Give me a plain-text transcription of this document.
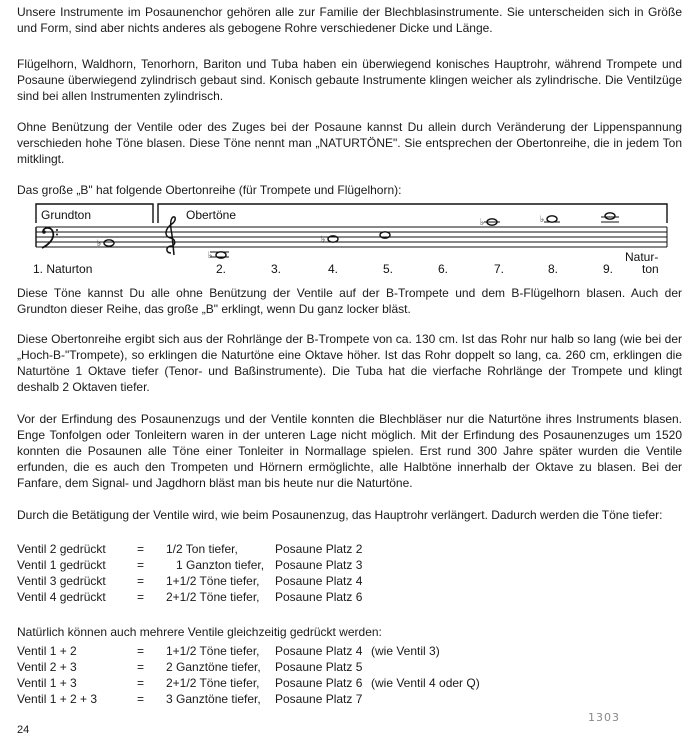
Unsere Instrumente im Posaunenchor gehören alle zur Familie der Blechblasinstrumente. Sie unterscheiden sich in Größe und Form, sind aber nichts anderes als gebogene Rohre verschiedener Dicke und Länge.

Flügelhorn, Waldhorn, Tenorhorn, Bariton und Tuba haben ein überwiegend konisches Hauptrohr, während Trompete und Posaune überwiegend zylindrisch gebaut sind. Konisch gebaute Instrumente klingen weicher als zylindrische. Die Ventilzüge sind bei allen Instrumenten zylindrisch.

Ohne Benützung der Ventile oder des Zuges bei der Posaune kannst Du allein durch Veränderung der Lippenspannung verschieden hohe Töne blasen. Diese Töne nennt man „NATURTÖNE". Sie entsprechen der Obertonreihe, die in jedem Ton mitklingt.

Das große „B" hat folgende Obertonreihe (für Trompete und Flügelhorn):

Diese Töne kannst Du alle ohne Benützung der Ventile auf der B-Trompete und dem B-Flügelhorn blasen. Auch der Grundton dieser Reihe, das große „B" erklingt, wenn Du ganz locker bläst.

Diese Obertonreihe ergibt sich aus der Rohrlänge der B-Trompete von ca. 130 cm. Ist das Rohr nur halb so lang (wie bei der „Hoch-B-"Trompete), so erklingen die Naturtöne eine Oktave höher. Ist das Rohr doppelt so lang, ca. 260 cm, erklingen die Naturtöne 1 Oktave tiefer (Tenor- und Baßinstrumente). Die Tuba hat die vierfache Rohrlänge der Trompete und klingt deshalb 2 Oktaven tiefer.

Vor der Erfindung des Posaunenzugs und der Ventile konnten die Blechbläser nur die Naturtöne ihres Instruments blasen. Enge Tonfolgen oder Tonleitern waren in der unteren Lage nicht möglich. Mit der Erfindung des Posaunenzuges um 1520 konnten die Posaunen alle Töne einer Tonleiter in Normallage spielen. Erst rund 300 Jahre später wurden die Ventile erfunden, die es auch den Trompeten und Hörnern ermöglichte, alle Halbtöne innerhalb der Oktave zu blasen. Bei der Fanfare, dem Signal- und Jagdhorn bläst man bis heute nur die Naturtöne.

Durch die Betätigung der Ventile wird, wie beim Posaunenzug, das Hauptrohr verlängert. Dadurch werden die Töne tiefer:

Ventil 2 gedrückt	= 1/2 Ton tiefer,	Posaune Platz 2
Ventil 1 gedrückt	=	1 Ganzton tiefer, Posaune Platz 3
Ventil 3 gedrückt	= 1+1/2 Töne tiefer, Posaune Platz 4
Ventil 4 gedrückt	= 2+1/2 Töne tiefer, Posaune Platz 6

Natürlich können auch mehrere Ventile gleichzeitig gedrückt werden:

Ventil 1 + 2	= 1+1/2 Töne tiefer, Posaune Platz 4 (wie Ventil 3)
Ventil 2 + 3	= 2 Ganztöne tiefer, Posaune Platz 5
Ventil 1 + 3	= 2+1/2 Töne tiefer, Posaune Platz 6 (wie Ventil 4 oder Q)
Ventil 1 + 2 + 3	= 3 Ganztöne tiefer, Posaune Platz 7
Grundton	Obertöne
♭
♭
♭
♭	♭
1. Naturton	2.	3.	4.	5.	6.	7.	8.	9.
Natur-
ton
24
1303
